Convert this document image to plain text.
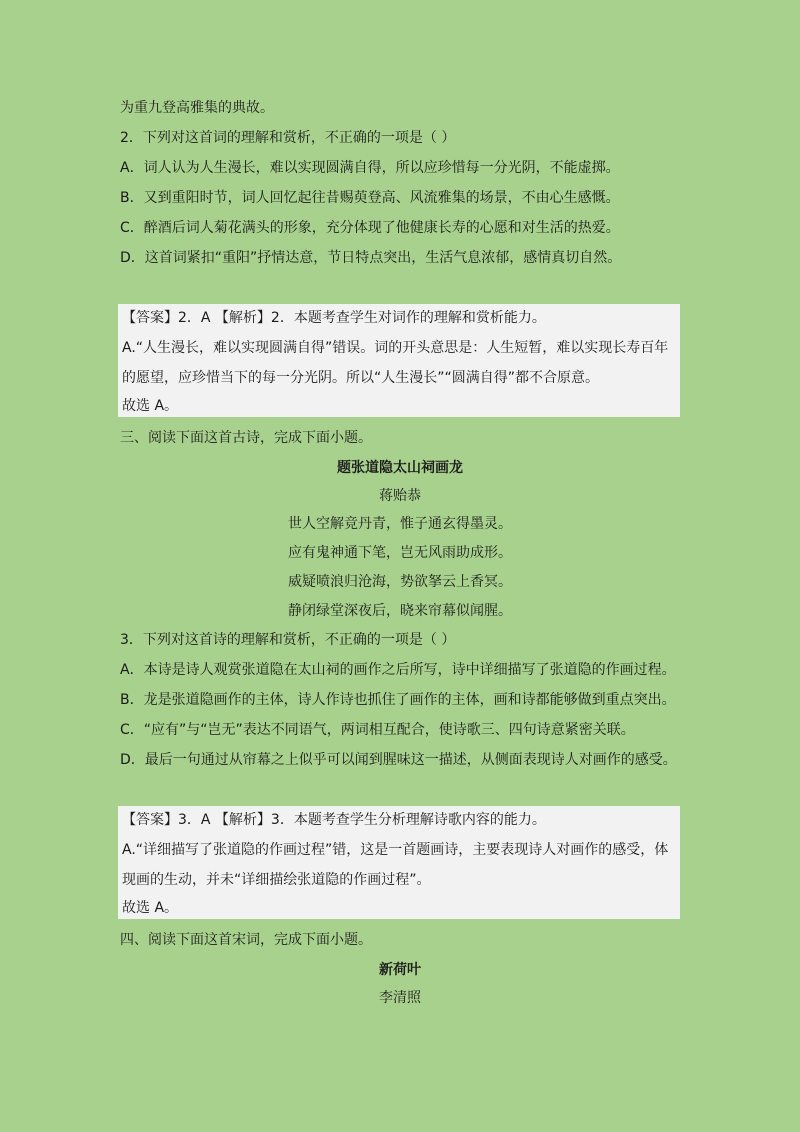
为重九登高雅集的典故。
2．下列对这首词的理解和赏析，不正确的一项是（ ）
A．词人认为人生漫长，难以实现圆满自得，所以应珍惜每一分光阴，不能虚掷。
B．又到重阳时节，词人回忆起往昔赐萸登高、风流雅集的场景，不由心生感慨。
C．醉酒后词人菊花满头的形象，充分体现了他健康长寿的心愿和对生活的热爱。
D．这首词紧扣“重阳”抒情达意，节日特点突出，生活气息浓郁，感情真切自然。
【答案】2．A 【解析】2．本题考查学生对词作的理解和赏析能力。
A.“人生漫长，难以实现圆满自得”错误。词的开头意思是：人生短暂，难以实现长寿百年
的愿望，应珍惜当下的每一分光阴。所以“人生漫长”“圆满自得”都不合原意。
故选 A。
三、阅读下面这首古诗，完成下面小题。
题张道隐太山祠画龙
蒋贻恭
世人空解竞丹青，惟子通玄得墨灵。
应有鬼神通下笔，岂无风雨助成形。
威疑喷浪归沧海，势欲拏云上香冥。
静闭绿堂深夜后，晓来帘幕似闻腥。
3．下列对这首诗的理解和赏析，不正确的一项是（ ）
A．本诗是诗人观赏张道隐在太山祠的画作之后所写，诗中详细描写了张道隐的作画过程。
B．龙是张道隐画作的主体，诗人作诗也抓住了画作的主体，画和诗都能够做到重点突出。
C．“应有”与“岂无”表达不同语气，两词相互配合，使诗歌三、四句诗意紧密关联。
D．最后一句通过从帘幕之上似乎可以闻到腥味这一描述，从侧面表现诗人对画作的感受。
【答案】3．A 【解析】3．本题考查学生分析理解诗歌内容的能力。
A.“详细描写了张道隐的作画过程”错，这是一首题画诗，主要表现诗人对画作的感受，体
现画的生动，并未“详细描绘张道隐的作画过程”。
故选 A。
四、阅读下面这首宋词，完成下面小题。
新荷叶
李清照
